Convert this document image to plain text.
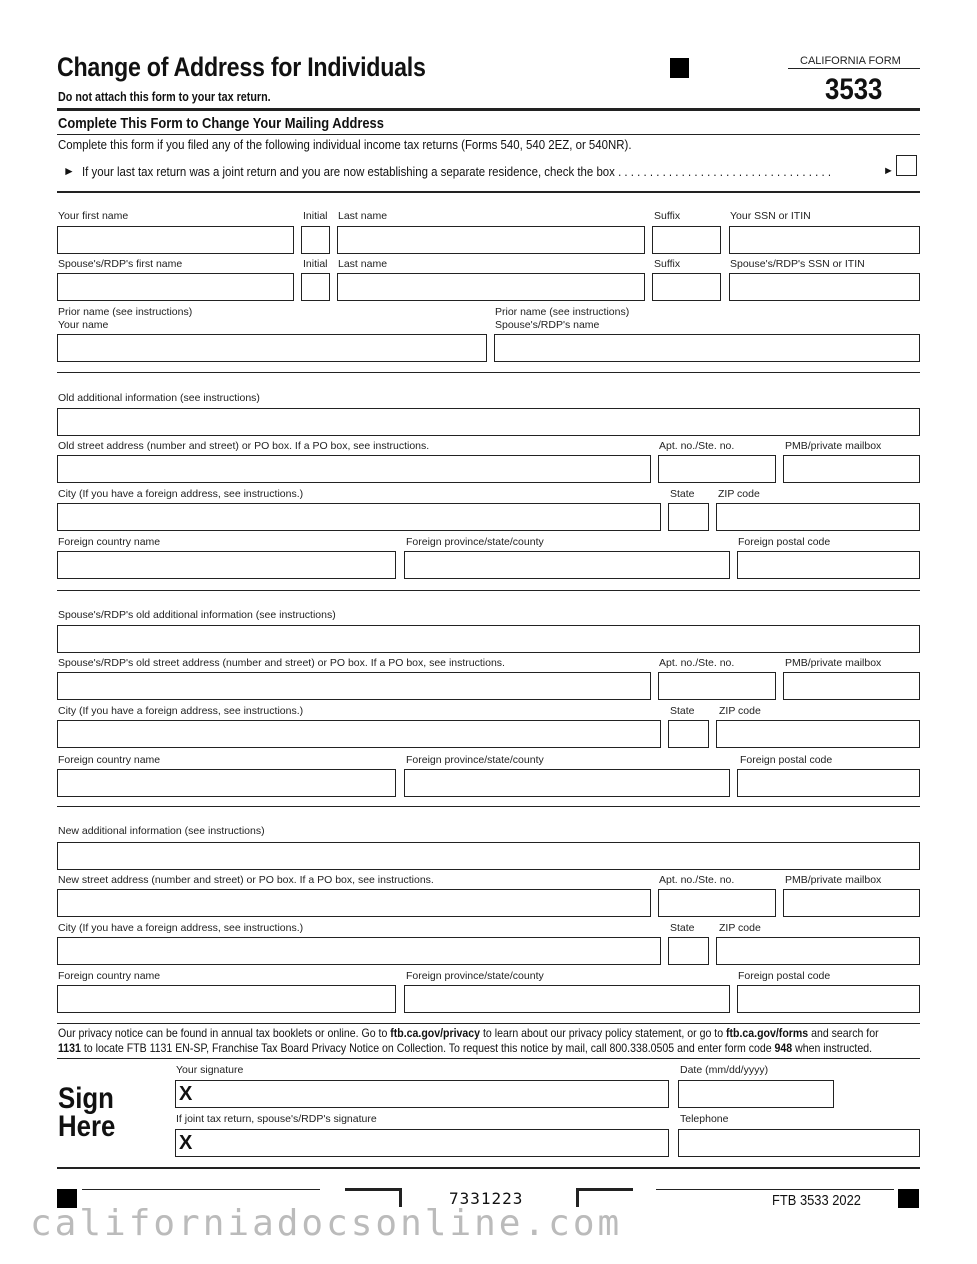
Change of Address for Individuals
Do not attach this form to your tax return.
CALIFORNIA FORM
3533
Complete This Form to Change Your Mailing Address
Complete this form if you filed any of the following individual income tax returns (Forms 540, 540 2EZ, or 540NR).
► If your last tax return was a joint return and you are now establishing a separate residence, check the box . . . . . . . . . . . . . . . . . . . . . . . . . . . . . . . . . .	►
Your first name	Initial Last name	Suffix	Your SSN or ITIN
Spouse's/RDP's first name	Initial Last name	Suffix	Spouse's/RDP's SSN or ITIN
Prior name (see instructions)
Your name
Prior name (see instructions)
Spouse's/RDP's name
Old additional information (see instructions)
Old street address (number and street) or PO box. If a PO box, see instructions.	Apt. no./Ste. no.	PMB/private mailbox
City (If you have a foreign address, see instructions.)	State ZIP code
Foreign country name	Foreign province/state/county	Foreign postal code
Spouse's/RDP's old additional information (see instructions)
Spouse's/RDP's old street address (number and street) or PO box. If a PO box, see instructions.	Apt. no./Ste. no.	PMB/private mailbox
City (If you have a foreign address, see instructions.)	State ZIP code
Foreign country name	Foreign province/state/county	Foreign postal code
New additional information (see instructions)
New street address (number and street) or PO box. If a PO box, see instructions.	Apt. no./Ste. no.	PMB/private mailbox
City (If you have a foreign address, see instructions.)	State ZIP code
Foreign country name	Foreign province/state/county	Foreign postal code
Our privacy notice can be found in annual tax booklets or online. Go to ftb.ca.gov/privacy to learn about our privacy policy statement, or go to ftb.ca.gov/forms and search for
1131 to locate FTB 1131 EN-SP, Franchise Tax Board Privacy Notice on Collection. To request this notice by mail, call 800.338.0505 and enter form code 948 when instructed.
Sign
Here
Your signature	Date (mm/dd/yyyy)
X
If joint tax return, spouse's/RDP's signature	Telephone
X
7331223	FTB 3533 2022
californiadocsonline.com
